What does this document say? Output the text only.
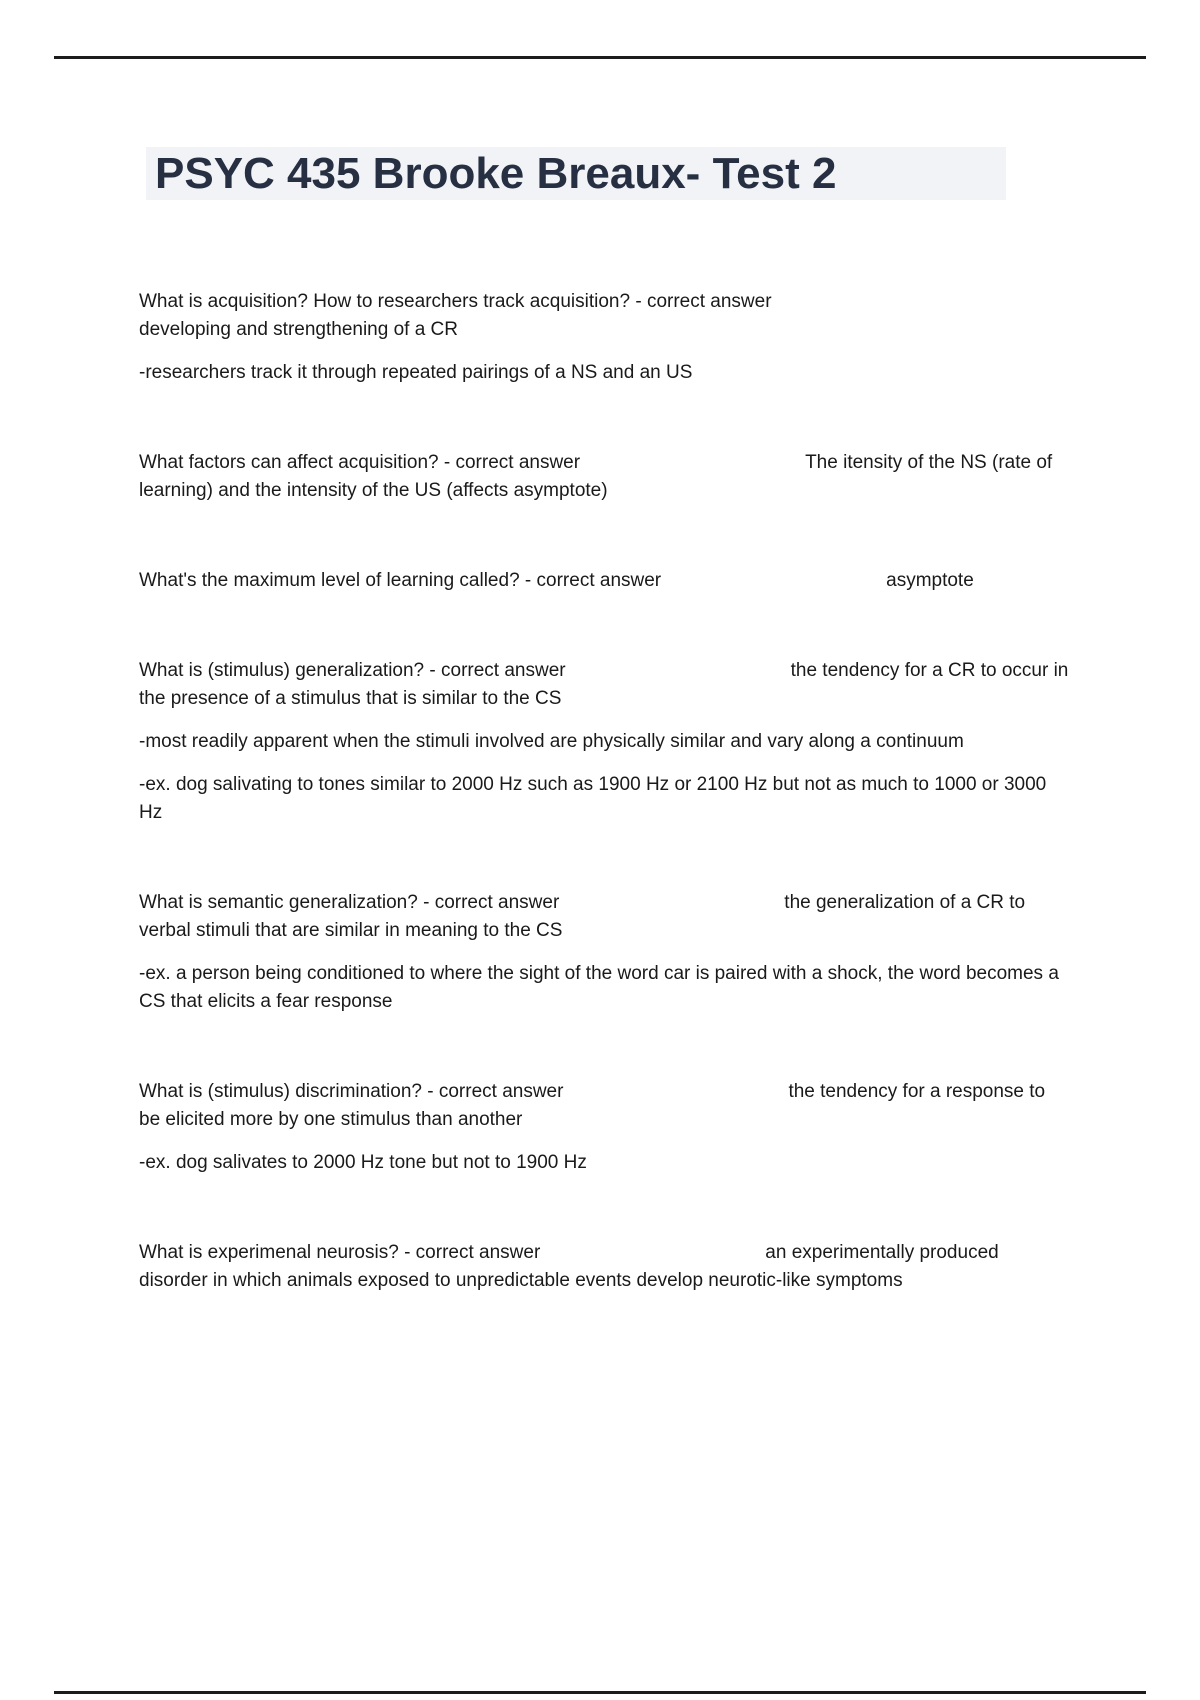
PSYC 435 Brooke Breaux- Test 2

What is acquisition? How to researchers track acquisition? - correct answerdeveloping and strengthening of a CR

-researchers track it through repeated pairings of a NS and an US

What factors can affect acquisition? - correct answer	The itensity of the NS (rate of learning) and the intensity of the US (affects asymptote)

What's the maximum level of learning called? - correct answer	asymptote

What is (stimulus) generalization? - correct answer	the tendency for a CR to occur in the presence of a stimulus that is similar to the CS

-most readily apparent when the stimuli involved are physically similar and vary along a continuum

-ex. dog salivating to tones similar to 2000 Hz such as 1900 Hz or 2100 Hz but not as much to 1000 or 3000 Hz

What is semantic generalization? - correct answer	the generalization of a CR to verbal stimuli that are similar in meaning to the CS

-ex. a person being conditioned to where the sight of the word car is paired with a shock, the word becomes a CS that elicits a fear response

What is (stimulus) discrimination? - correct answer	the tendency for a response to be elicited more by one stimulus than another

-ex. dog salivates to 2000 Hz tone but not to 1900 Hz

What is experimenal neurosis? - correct answer	an experimentally produced disorder in which animals exposed to unpredictable events develop neurotic-like symptoms
